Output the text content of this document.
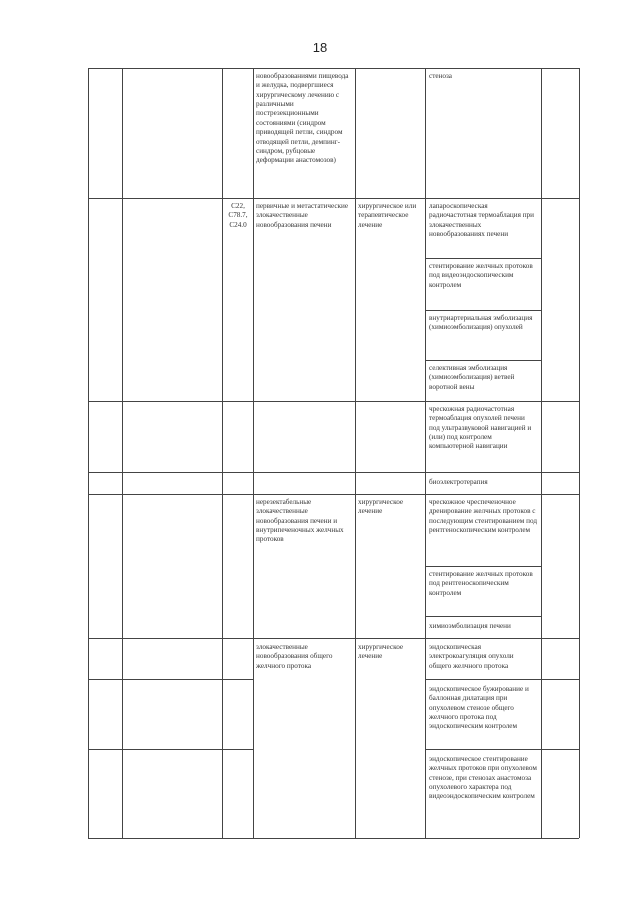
18
новообразованиями пищевода и желудка, подвергшиеся хирургическому лечению с различными пострезекционными состояниями (синдром приводящей петли, синдром отводящей петли, демпинг-синдром, рубцовые деформации анастомозов)
стеноза
C22, C78.7, C24.0
первичные и метастатические злокачественные новообразования печени
хирургическое или терапевтическое лечение
лапароскопическая радиочастотная термоаблация при злокачественных новообразованиях печени
стентирование желчных протоков под видеоэндоскопическим контролем
внутриартериальная эмболизация (химиоэмболизация) опухолей
селективная эмболизация (химиоэмболизация) ветвей воротной вены
чрескожная радиочастотная термоаблация опухолей печени под ультразвуковой навигацией и (или) под контролем компьютерной навигации
биоэлектротерапия
нерезектабельные злокачественные новообразования печени и внутрипеченочных желчных протоков
хирургическое лечение
чрескожное чреспеченочное дренирование желчных протоков с последующим стентированием под рентгеноскопическим контролем
стентирование желчных протоков под рентгеноскопическим контролем
химиоэмболизация печени
злокачественные новообразования общего желчного протока
хирургическое лечение
эндоскопическая электрокоагуляция опухоли общего желчного протока
эндоскопическое бужирование и баллонная дилатация при опухолевом стенозе общего желчного протока под эндоскопическим контролем
эндоскопическое стентирование желчных протоков при опухолевом стенозе, при стенозах анастомоза опухолевого характера под видеоэндоскопическим контролем
